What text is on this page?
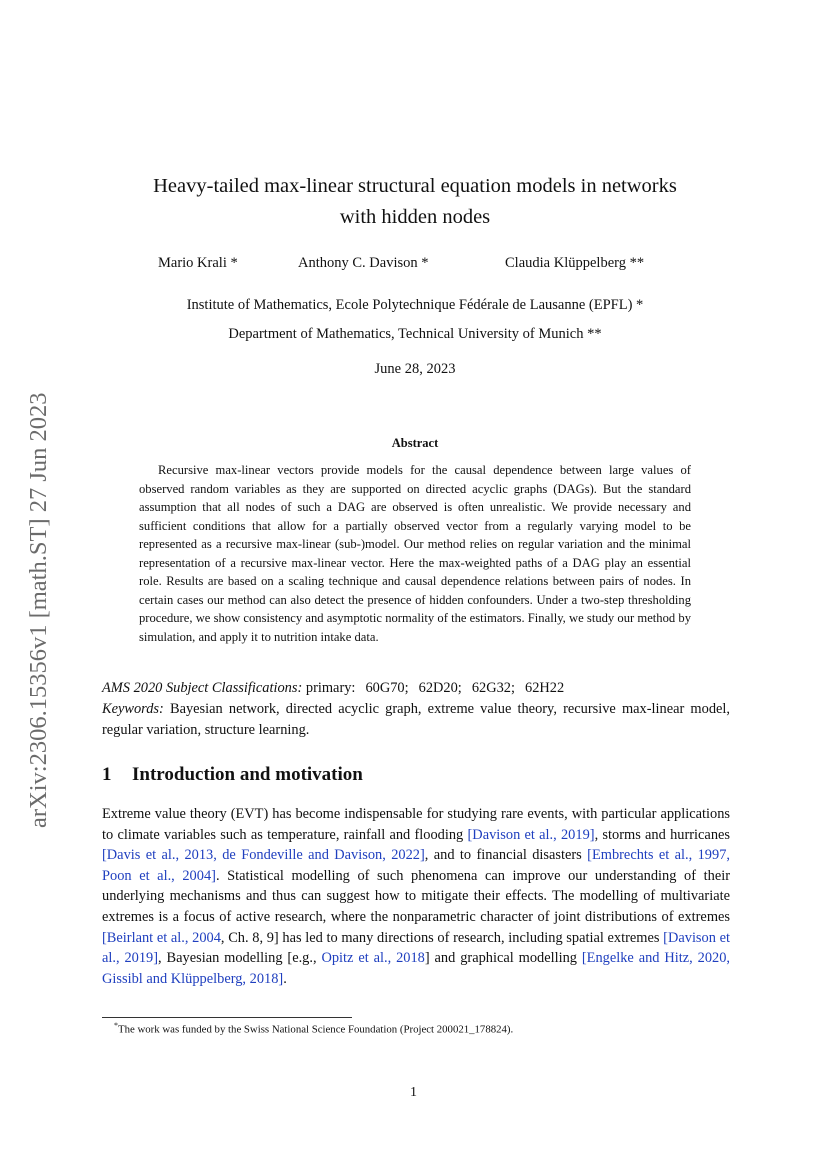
arXiv:2306.15356v1 [math.ST] 27 Jun 2023
Heavy-tailed max-linear structural equation models in networks
with hidden nodes
Mario Krali *	Anthony C. Davison *	Claudia Klüppelberg **
Institute of Mathematics, Ecole Polytechnique Fédérale de Lausanne (EPFL) *
Department of Mathematics, Technical University of Munich **
June 28, 2023
Abstract

Recursive max-linear vectors provide models for the causal dependence between large values of observed random variables as they are supported on directed acyclic graphs (DAGs). But the standard assumption that all nodes of such a DAG are observed is often unrealistic. We provide necessary and sufficient conditions that allow for a partially observed vector from a regularly varying model to be represented as a recursive max-linear (sub-)model. Our method relies on regular variation and the minimal representation of a recursive max-linear vector. Here the max-weighted paths of a DAG play an essential role. Results are based on a scaling technique and causal dependence relations between pairs of nodes. In certain cases our method can also detect the presence of hidden confounders. Under a two-step thresholding procedure, we show consistency and asymptotic normality of the estimators. Finally, we study our method by simulation, and apply it to nutrition intake data.

AMS 2020 Subject Classifications: primary: 60G70; 62D20; 62G32; 62H22

Keywords: Bayesian network, directed acyclic graph, extreme value theory, recursive max-linear model, regular variation, structure learning.

1 Introduction and motivation

Extreme value theory (EVT) has become indispensable for studying rare events, with particular applications to climate variables such as temperature, rainfall and flooding [Davison et al., 2019], storms and hurricanes [Davis et al., 2013, de Fondeville and Davison, 2022], and to financial disasters [Embrechts et al., 1997, Poon et al., 2004]. Statistical modelling of such phenomena can improve our understanding of their underlying mechanisms and thus can suggest how to mitigate their effects. The modelling of multivariate extremes is a focus of active research, where the nonparametric character of joint distributions of extremes [Beirlant et al., 2004, Ch. 8, 9] has led to many directions of research, including spatial extremes [Davison et al., 2019], Bayesian modelling [e.g., Opitz et al., 2018] and graphical modelling [Engelke and Hitz, 2020, Gissibl and Klüppelberg, 2018].

*The work was funded by the Swiss National Science Foundation (Project 200021_178824).
1
